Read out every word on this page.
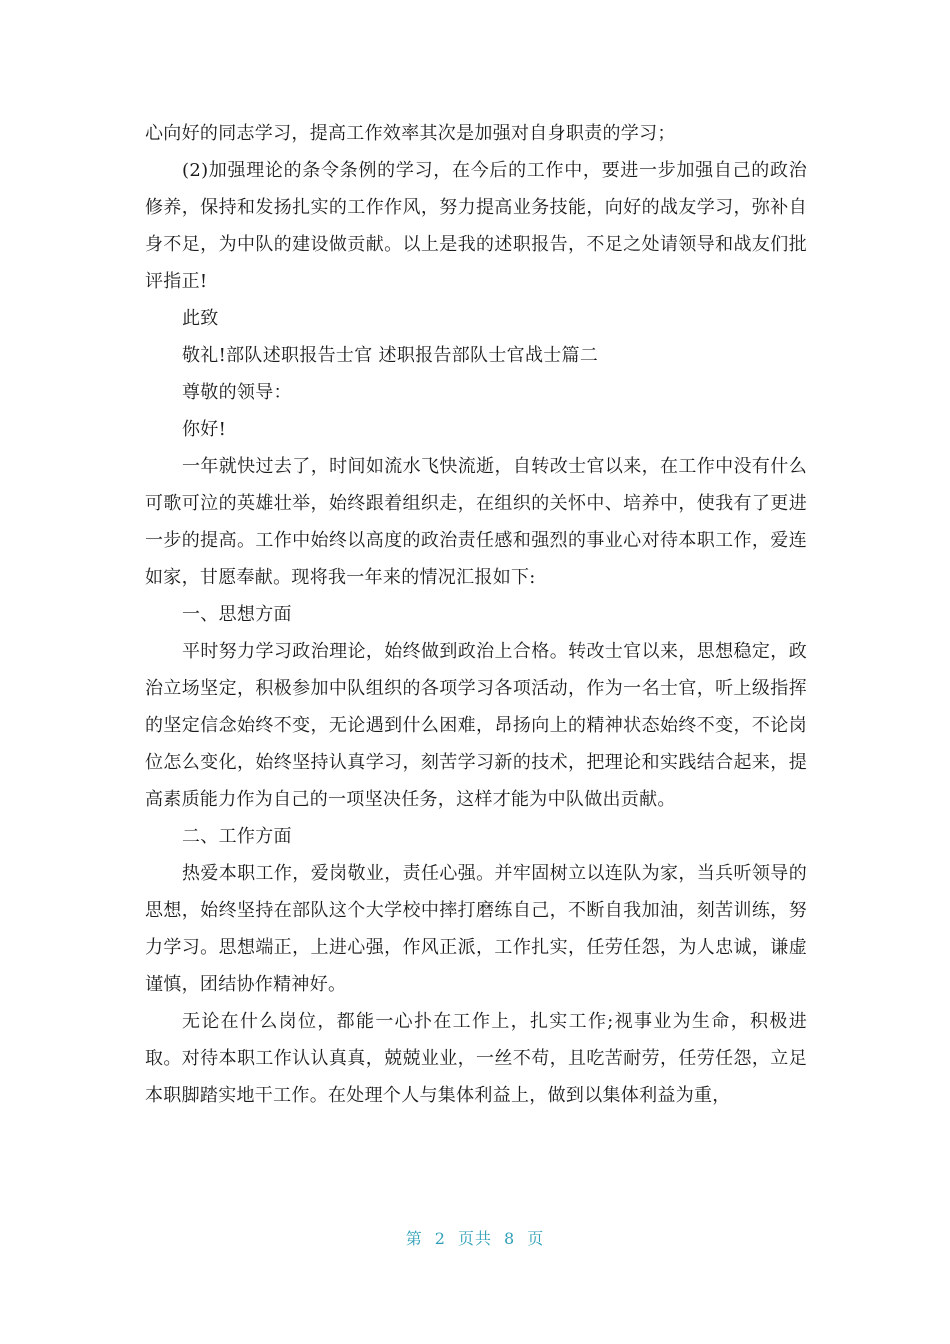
心向好的同志学习，提高工作效率其次是加强对自身职责的学习；

(2)加强理论的条令条例的学习，在今后的工作中，要进一步加强自己的政治修养，保持和发扬扎实的工作作风，努力提高业务技能，向好的战友学习，弥补自身不足，为中队的建设做贡献。以上是我的述职报告，不足之处请领导和战友们批评指正!

此致

敬礼!部队述职报告士官 述职报告部队士官战士篇二

尊敬的领导：

你好!

一年就快过去了，时间如流水飞快流逝，自转改士官以来，在工作中没有什么可歌可泣的英雄壮举，始终跟着组织走，在组织的关怀中、培养中，使我有了更进一步的提高。工作中始终以高度的政治责任感和强烈的事业心对待本职工作，爱连如家，甘愿奉献。现将我一年来的情况汇报如下:

一、思想方面

平时努力学习政治理论，始终做到政治上合格。转改士官以来，思想稳定，政治立场坚定，积极参加中队组织的各项学习各项活动，作为一名士官，听上级指挥的坚定信念始终不变，无论遇到什么困难，昂扬向上的精神状态始终不变，不论岗位怎么变化，始终坚持认真学习，刻苦学习新的技术，把理论和实践结合起来，提高素质能力作为自己的一项坚决任务，这样才能为中队做出贡献。

二、工作方面

热爱本职工作，爱岗敬业，责任心强。并牢固树立以连队为家，当兵听领导的思想，始终坚持在部队这个大学校中摔打磨练自己，不断自我加油，刻苦训练，努力学习。思想端正，上进心强，作风正派，工作扎实，任劳任怨，为人忠诚，谦虚谨慎，团结协作精神好。

无论在什么岗位，都能一心扑在工作上，扎实工作;视事业为生命，积极进取。对待本职工作认认真真，兢兢业业，一丝不苟，且吃苦耐劳，任劳任怨，立足本职脚踏实地干工作。在处理个人与集体利益上，做到以集体利益为重，

第 2 页共 8 页
